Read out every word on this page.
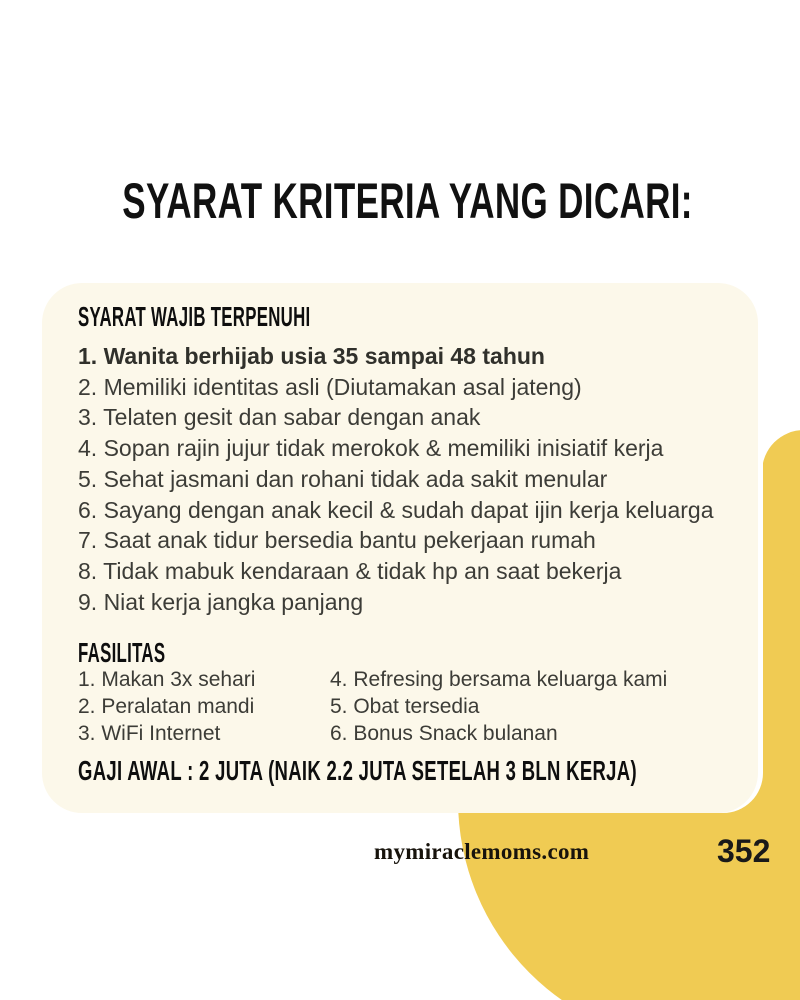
SYARAT KRITERIA YANG DICARI:
SYARAT WAJIB TERPENUHI
1. Wanita berhijab usia 35 sampai 48 tahun
2. Memiliki identitas asli (Diutamakan asal jateng)
3. Telaten gesit dan sabar dengan anak
4. Sopan rajin jujur tidak merokok & memiliki inisiatif kerja
5. Sehat jasmani dan rohani tidak ada sakit menular
6. Sayang dengan anak kecil & sudah dapat ijin kerja keluarga
7. Saat anak tidur bersedia bantu pekerjaan rumah
8. Tidak mabuk kendaraan & tidak hp an saat bekerja
9. Niat kerja jangka panjang
FASILITAS
1. Makan 3x sehari	4. Refresing bersama keluarga kami
2. Peralatan mandi	5. Obat tersedia
3. WiFi Internet	6. Bonus Snack bulanan
GAJI AWAL : 2 JUTA (NAIK 2.2 JUTA SETELAH 3 BLN KERJA)
mymiraclemoms.com	352
